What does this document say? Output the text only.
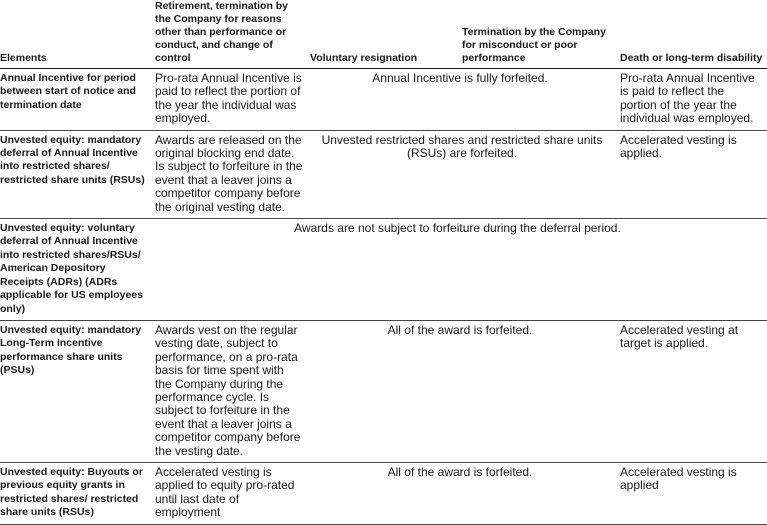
Elements	Retirement, termination by the Company for reasons other than performance or conduct, and change of control	Voluntary resignation	Termination by the Company for misconduct or poor performance	Death or long-term disability
Annual Incentive for period between start of notice and termination date	Pro-rata Annual Incentive is paid to reflect the portion of the year the individual was employed.	Annual Incentive is fully forfeited.		Pro-rata Annual Incentive is paid to reflect the portion of the year the individual was employed.
Unvested equity: mandatory deferral of Annual Incentive into restricted shares/ restricted share units (RSUs)	Awards are released on the original blocking end date. Is subject to forfeiture in the event that a leaver joins a competitor company before the original vesting date.	Unvested restricted shares and restricted share units (RSUs) are forfeited.		Accelerated vesting is applied.
Unvested equity: voluntary deferral of Annual Incentive into restricted shares/RSUs/ American Depository Receipts (ADRs) (ADRs applicable for US employees only)	Awards are not subject to forfeiture during the deferral period.			
Unvested equity: mandatory Long-Term Incentive performance share units (PSUs)	Awards vest on the regular vesting date, subject to performance, on a pro-rata basis for time spent with the Company during the performance cycle. Is subject to forfeiture in the event that a leaver joins a competitor company before the vesting date.	All of the award is forfeited.		Accelerated vesting at target is applied.
Unvested equity: Buyouts or previous equity grants in restricted shares/ restricted share units (RSUs)	Accelerated vesting is applied to equity pro-rated until last date of employment	All of the award is forfeited.		Accelerated vesting is applied
